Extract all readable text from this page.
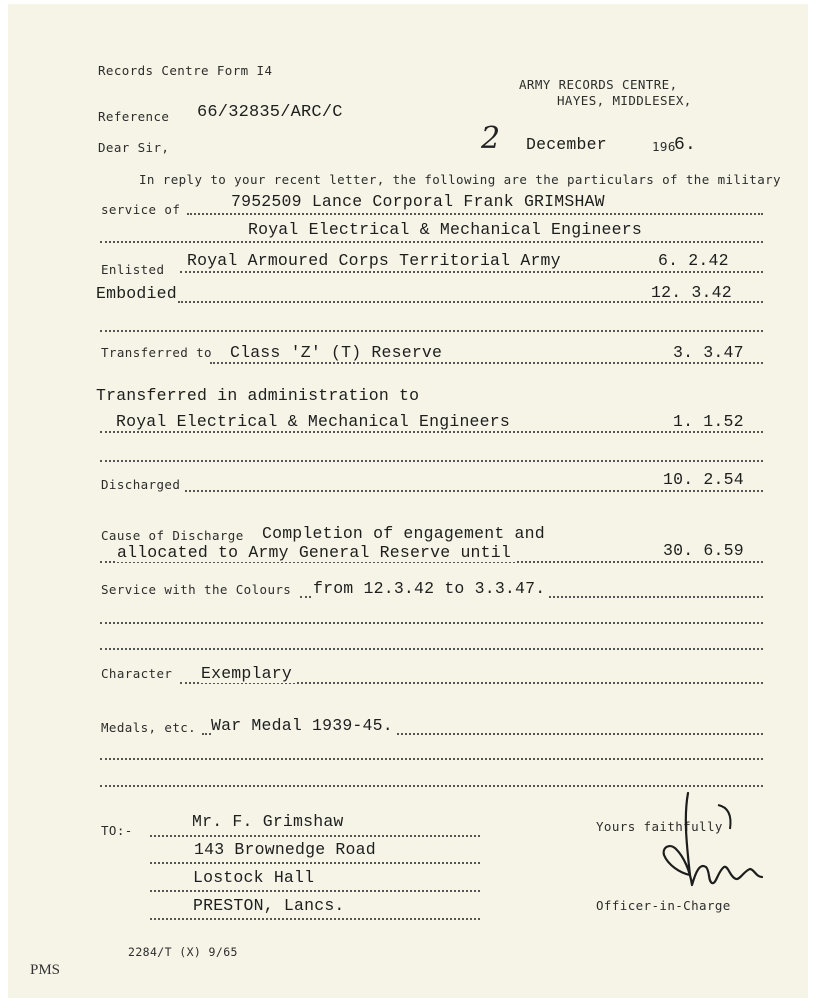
Records Centre Form I4
ARMY RECORDS CENTRE,
HAYES, MIDDLESEX,
Reference 66/32835/ARC/C
Dear Sir,	2 December	196
6.
In reply to your recent letter, the following are the particulars of the military
service of	7952509 Lance Corporal Frank GRIMSHAW
Royal Electrical & Mechanical Engineers
Enlisted Royal Armoured Corps Territorial Army	6. 2.42
Embodied	12. 3.42
Transferred to Class 'Z' (T) Reserve	3. 3.47
Transferred in administration to
Royal Electrical & Mechanical Engineers	1. 1.52
Discharged	10. 2.54
Cause of Discharge Completion of engagement and
allocated to Army General Reserve until	30. 6.59
Service with the Colours from 12.3.42 to 3.3.47.
Character Exemplary
Medals, etc. War Medal 1939-45.
TO:-	Mr. F. Grimshaw
143 Brownedge Road
Lostock Hall
PRESTON, Lancs.
Yours faithfully
Officer-in-Charge
2284/T (X) 9/65
PMS
